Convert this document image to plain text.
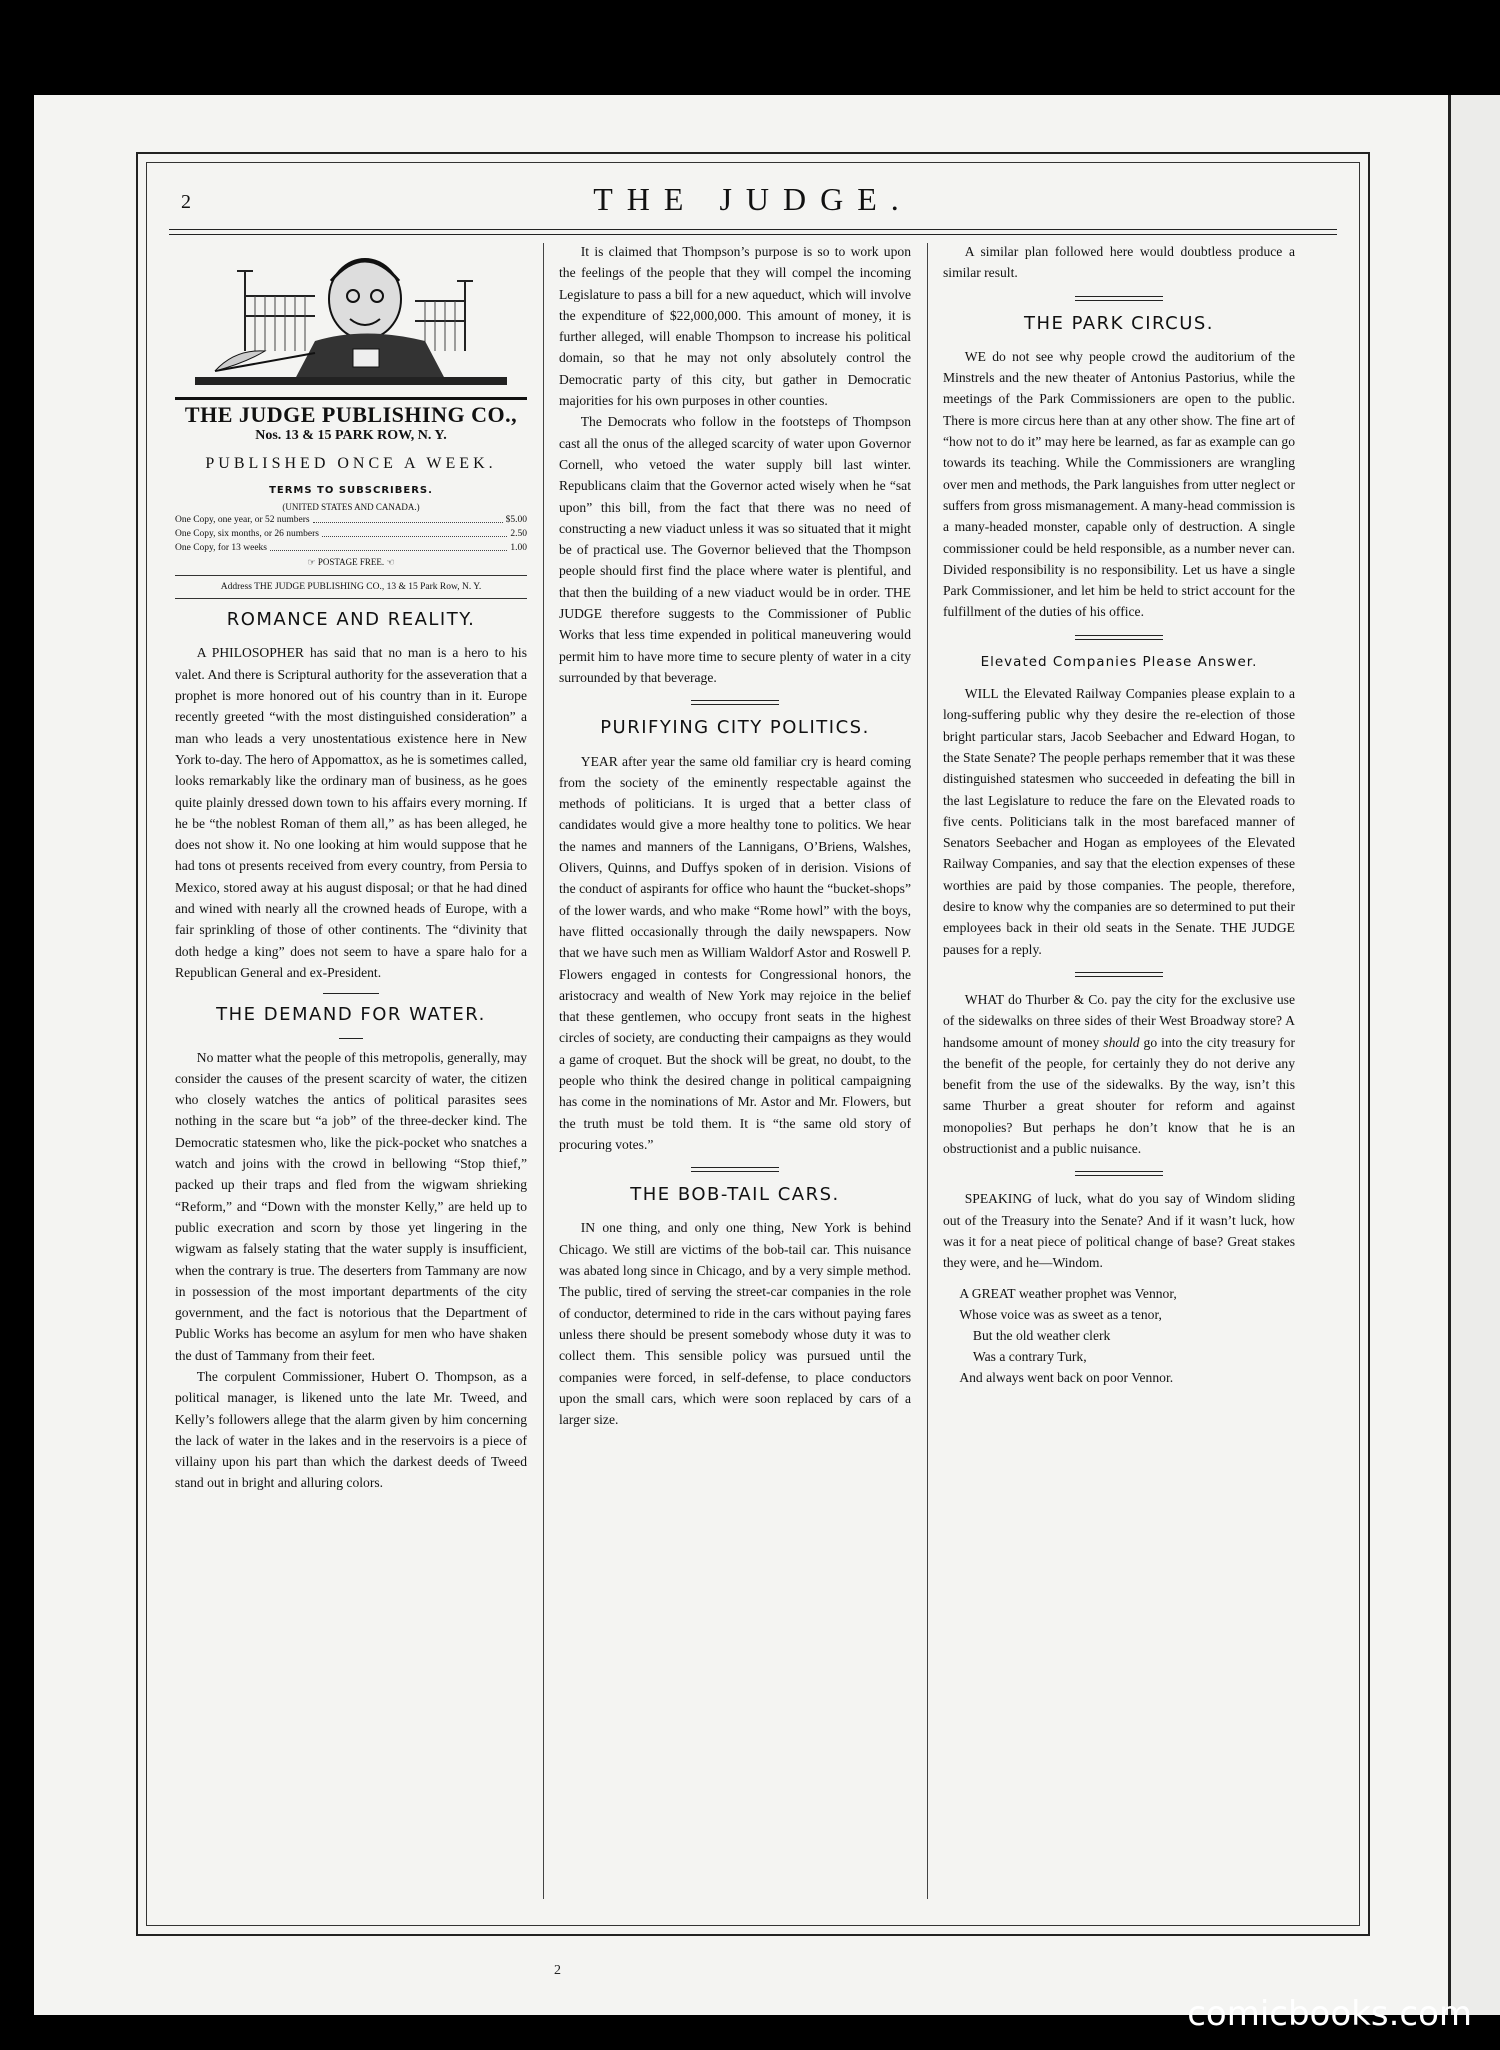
2	THE JUDGE.
THE JUDGE PUBLISHING CO.,
Nos. 13 & 15 PARK ROW, N. Y.
PUBLISHED ONCE A WEEK.
TERMS TO SUBSCRIBERS.
(UNITED STATES AND CANADA.)
One Copy, one year, or 52 numbers	$5.00
One Copy, six months, or 26 numbers	2.50
One Copy, for 13 weeks	1.00
☞ POSTAGE FREE. ☜
Address THE JUDGE PUBLISHING CO., 13 & 15 Park Row, N. Y.
ROMANCE AND REALITY.

A PHILOSOPHER has said that no man is a hero to his valet. And there is Scriptural authority for the asseveration that a prophet is more honored out of his country than in it. Europe recently greeted “with the most distinguished consideration” a man who leads a very unostentatious existence here in New York to-day. The hero of Appomattox, as he is sometimes called, looks remarkably like the ordinary man of business, as he goes quite plainly dressed down town to his affairs every morning. If he be “the noblest Roman of them all,” as has been alleged, he does not show it. No one looking at him would suppose that he had tons ot presents received from every country, from Persia to Mexico, stored away at his august disposal; or that he had dined and wined with nearly all the crowned heads of Europe, with a fair sprinkling of those of other continents. The “divinity that doth hedge a king” does not seem to have a spare halo for a Republican General and ex-President.

THE DEMAND FOR WATER.

No matter what the people of this metropolis, generally, may consider the causes of the present scarcity of water, the citizen who closely watches the antics of political parasites sees nothing in the scare but “a job” of the three-decker kind. The Democratic statesmen who, like the pick-pocket who snatches a watch and joins with the crowd in bellowing “Stop thief,” packed up their traps and fled from the wigwam shrieking “Reform,” and “Down with the monster Kelly,” are held up to public execration and scorn by those yet lingering in the wigwam as falsely stating that the water supply is insufficient, when the contrary is true. The deserters from Tammany are now in possession of the most important departments of the city government, and the fact is notorious that the Department of Public Works has become an asylum for men who have shaken the dust of Tammany from their feet.

The corpulent Commissioner, Hubert O. Thompson, as a political manager, is likened unto the late Mr. Tweed, and Kelly’s followers allege that the alarm given by him concerning the lack of water in the lakes and in the reservoirs is a piece of villainy upon his part than which the darkest deeds of Tweed stand out in bright and alluring colors.

It is claimed that Thompson’s purpose is so to work upon the feelings of the people that they will compel the incoming Legislature to pass a bill for a new aqueduct, which will involve the expenditure of $22,000,000. This amount of money, it is further alleged, will enable Thompson to increase his political domain, so that he may not only absolutely control the Democratic party of this city, but gather in Democratic majorities for his own purposes in other counties.

The Democrats who follow in the footsteps of Thompson cast all the onus of the alleged scarcity of water upon Governor Cornell, who vetoed the water supply bill last winter. Republicans claim that the Governor acted wisely when he “sat upon” this bill, from the fact that there was no need of constructing a new viaduct unless it was so situated that it might be of practical use. The Governor believed that the Thompson people should first find the place where water is plentiful, and that then the building of a new viaduct would be in order. THE JUDGE therefore suggests to the Commissioner of Public Works that less time expended in political maneuvering would permit him to have more time to secure plenty of water in a city surrounded by that beverage.

PURIFYING CITY POLITICS.

YEAR after year the same old familiar cry is heard coming from the society of the eminently respectable against the methods of politicians. It is urged that a better class of candidates would give a more healthy tone to politics. We hear the names and manners of the Lannigans, O’Briens, Walshes, Olivers, Quinns, and Duffys spoken of in derision. Visions of the conduct of aspirants for office who haunt the “bucket-shops” of the lower wards, and who make “Rome howl” with the boys, have flitted occasionally through the daily newspapers. Now that we have such men as William Waldorf Astor and Roswell P. Flowers engaged in contests for Congressional honors, the aristocracy and wealth of New York may rejoice in the belief that these gentlemen, who occupy front seats in the highest circles of society, are conducting their campaigns as they would a game of croquet. But the shock will be great, no doubt, to the people who think the desired change in political campaigning has come in the nominations of Mr. Astor and Mr. Flowers, but the truth must be told them. It is “the same old story of procuring votes.”

THE BOB-TAIL CARS.

IN one thing, and only one thing, New York is behind Chicago. We still are victims of the bob-tail car. This nuisance was abated long since in Chicago, and by a very simple method. The public, tired of serving the street-car companies in the role of conductor, determined to ride in the cars without paying fares unless there should be present somebody whose duty it was to collect them. This sensible policy was pursued until the companies were forced, in self-defense, to place conductors upon the small cars, which were soon replaced by cars of a larger size.

A similar plan followed here would doubtless produce a similar result.

THE PARK CIRCUS.

WE do not see why people crowd the auditorium of the Minstrels and the new theater of Antonius Pastorius, while the meetings of the Park Commissioners are open to the public. There is more circus here than at any other show. The fine art of “how not to do it” may here be learned, as far as example can go towards its teaching. While the Commissioners are wrangling over men and methods, the Park languishes from utter neglect or suffers from gross mismanagement. A many-head commission is a many-headed monster, capable only of destruction. A single commissioner could be held responsible, as a number never can. Divided responsibility is no responsibility. Let us have a single Park Commissioner, and let him be held to strict account for the fulfillment of the duties of his office.

Elevated Companies Please Answer.

WILL the Elevated Railway Companies please explain to a long-suffering public why they desire the re-election of those bright particular stars, Jacob Seebacher and Edward Hogan, to the State Senate? The people perhaps remember that it was these distinguished statesmen who succeeded in defeating the bill in the last Legislature to reduce the fare on the Elevated roads to five cents. Politicians talk in the most barefaced manner of Senators Seebacher and Hogan as employees of the Elevated Railway Companies, and say that the election expenses of these worthies are paid by those companies. The people, therefore, desire to know why the companies are so determined to put their employees back in their old seats in the Senate. THE JUDGE pauses for a reply.

WHAT do Thurber & Co. pay the city for the exclusive use of the sidewalks on three sides of their West Broadway store? A handsome amount of money should go into the city treasury for the benefit of the people, for certainly they do not derive any benefit from the use of the sidewalks. By the way, isn’t this same Thurber a great shouter for reform and against monopolies? But perhaps he don’t know that he is an obstructionist and a public nuisance.

SPEAKING of luck, what do you say of Windom sliding out of the Treasury into the Senate? And if it wasn’t luck, how was it for a neat piece of political change of base? Great stakes they were, and he—Windom.

A GREAT weather prophet was Vennor,
Whose voice was as sweet as a tenor,
But the old weather clerk
Was a contrary Turk,
And always went back on poor Vennor.
2
comicbooks.com
